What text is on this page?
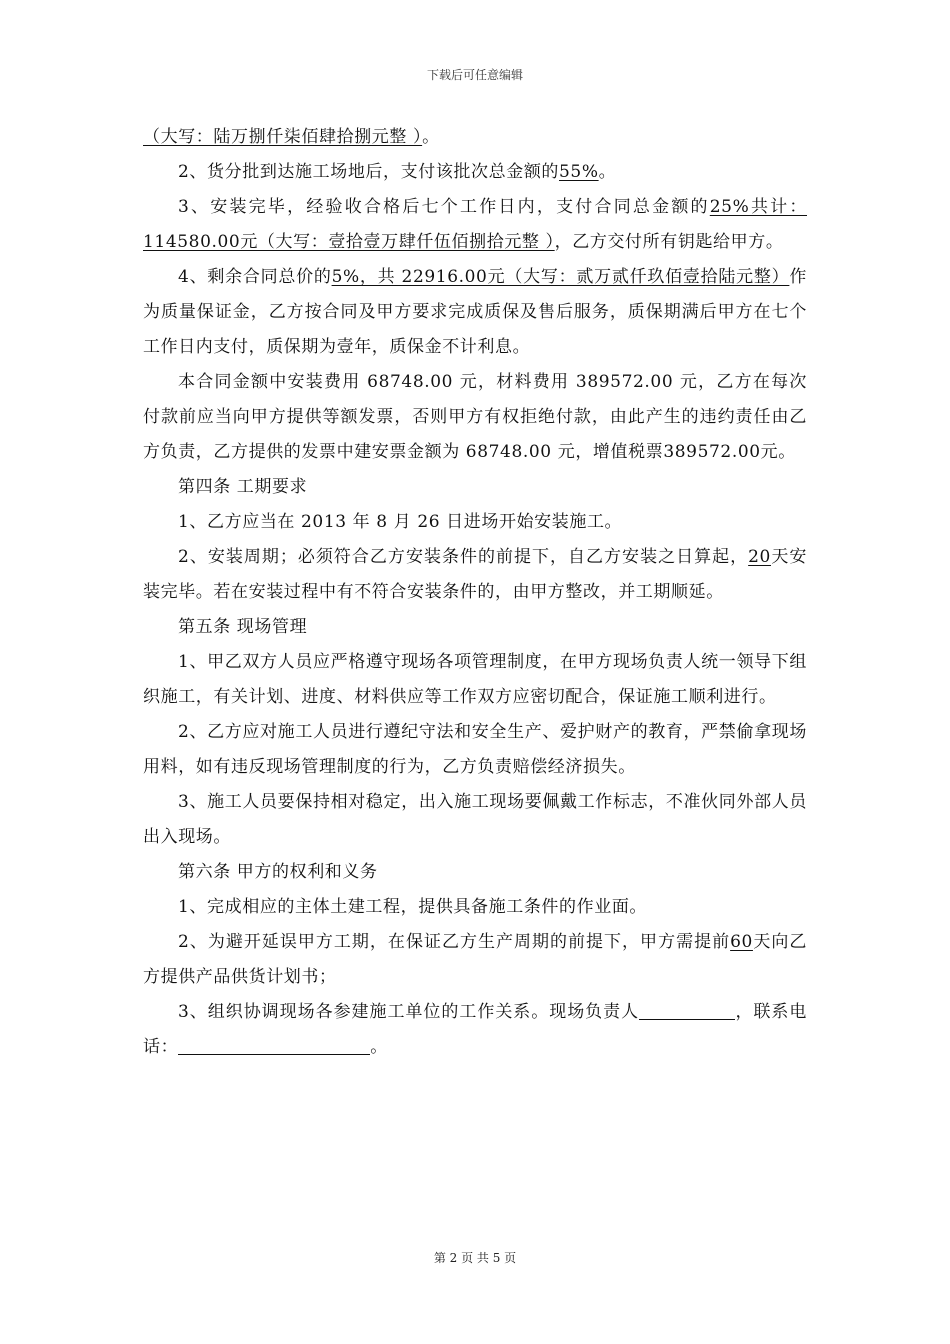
下载后可任意编辑

（大写：陆万捌仟柒佰肆拾捌元整 ）。

2、货分批到达施工场地后，支付该批次总金额的55%。

3、安装完毕，经验收合格后七个工作日内，支付合同总金额的25%共计：114580.00元（大写：壹拾壹万肆仟伍佰捌拾元整 ），乙方交付所有钥匙给甲方。

4、剩余合同总价的5%，共 22916.00元（大写：贰万贰仟玖佰壹拾陆元整）作为质量保证金，乙方按合同及甲方要求完成质保及售后服务，质保期满后甲方在七个工作日内支付，质保期为壹年，质保金不计利息。

本合同金额中安装费用 68748.00 元，材料费用 389572.00 元，乙方在每次付款前应当向甲方提供等额发票，否则甲方有权拒绝付款，由此产生的违约责任由乙方负责，乙方提供的发票中建安票金额为 68748.00 元，增值税票389572.00元。

第四条 工期要求

1、乙方应当在 2013 年 8 月 26 日进场开始安装施工。

2、安装周期；必须符合乙方安装条件的前提下，自乙方安装之日算起，20天安装完毕。若在安装过程中有不符合安装条件的，由甲方整改，并工期顺延。

第五条 现场管理

1、甲乙双方人员应严格遵守现场各项管理制度，在甲方现场负责人统一领导下组织施工，有关计划、进度、材料供应等工作双方应密切配合，保证施工顺利进行。

2、乙方应对施工人员进行遵纪守法和安全生产、爱护财产的教育，严禁偷拿现场用料，如有违反现场管理制度的行为，乙方负责赔偿经济损失。

3、施工人员要保持相对稳定，出入施工现场要佩戴工作标志，不准伙同外部人员出入现场。

第六条 甲方的权利和义务

1、完成相应的主体土建工程，提供具备施工条件的作业面。

2、为避开延误甲方工期，在保证乙方生产周期的前提下，甲方需提前60天向乙方提供产品供货计划书；

3、组织协调现场各参建施工单位的工作关系。现场负责人	，联系电话：	。

第 2 页 共 5 页
